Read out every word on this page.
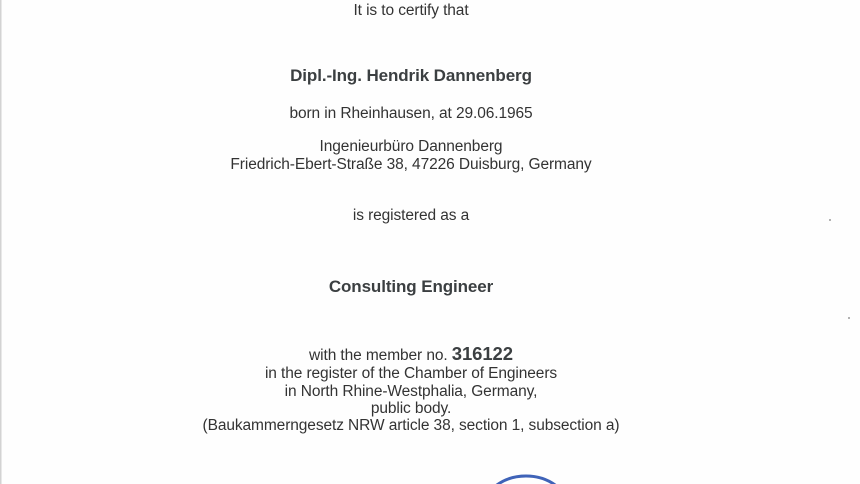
It is to certify that
Dipl.-Ing. Hendrik Dannenberg
born in Rheinhausen, at 29.06.1965
Ingenieurbüro Dannenberg
Friedrich-Ebert-Straße 38, 47226 Duisburg, Germany
is registered as a
Consulting Engineer
with the member no. 316122
in the register of the Chamber of Engineers
in North Rhine-Westphalia, Germany,
public body.
(Baukammerngesetz NRW article 38, section 1, subsection a)
